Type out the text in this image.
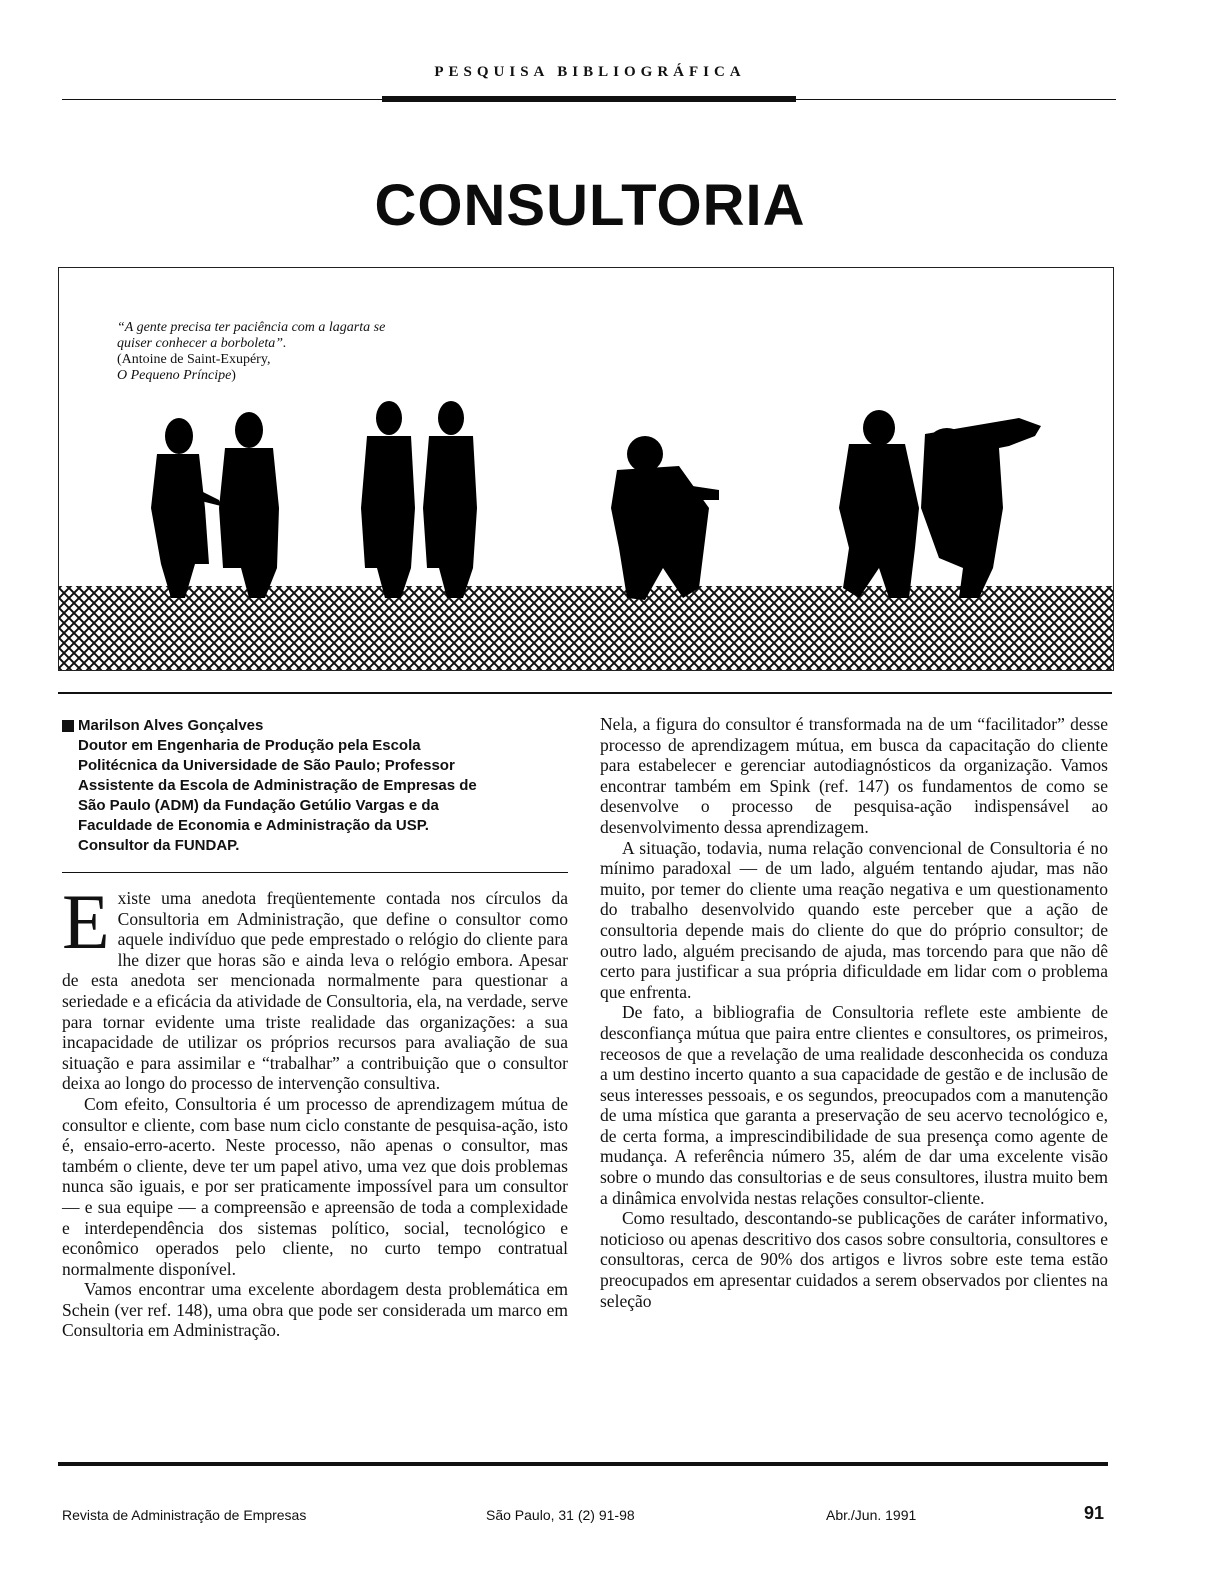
PESQUISA BIBLIOGRÁFICA
CONSULTORIA
“A gente precisa ter paciência com a lagarta se quiser conhecer a borboleta”.
(Antoine de Saint-Exupéry,
O Pequeno Príncipe)
Marilson Alves Gonçalves
Doutor em Engenharia de Produção pela Escola
Politécnica da Universidade de São Paulo; Professor
Assistente da Escola de Administração de Empresas de
São Paulo (ADM) da Fundação Getúlio Vargas e da
Faculdade de Economia e Administração da USP.
Consultor da FUNDAP.

Existe uma anedota freqüentemente contada nos círculos da Consultoria em Administração, que define o consultor como aquele indivíduo que pede emprestado o relógio do cliente para lhe dizer que horas são e ainda leva o relógio embora. Apesar de esta anedota ser mencionada normalmente para questionar a seriedade e a eficácia da atividade de Consultoria, ela, na verdade, serve para tornar evidente uma triste realidade das organizações: a sua incapacidade de utilizar os próprios recursos para avaliação de sua situação e para assimilar e “trabalhar” a contribuição que o consultor deixa ao longo do processo de intervenção consultiva.

Com efeito, Consultoria é um processo de aprendizagem mútua de consultor e cliente, com base num ciclo constante de pesquisa-ação, isto é, ensaio-erro-acerto. Neste processo, não apenas o consultor, mas também o cliente, deve ter um papel ativo, uma vez que dois problemas nunca são iguais, e por ser praticamente impossível para um consultor — e sua equipe — a compreensão e apreensão de toda a complexidade e interdependência dos sistemas político, social, tecnológico e econômico operados pelo cliente, no curto tempo contratual normalmente disponível.

Vamos encontrar uma excelente abordagem desta problemática em Schein (ver ref. 148), uma obra que pode ser considerada um marco em Consultoria em Administração.

Nela, a figura do consultor é transformada na de um “facilitador” desse processo de aprendizagem mútua, em busca da capacitação do cliente para estabelecer e gerenciar autodiagnósticos da organização. Vamos encontrar também em Spink (ref. 147) os fundamentos de como se desenvolve o processo de pesquisa-ação indispensável ao desenvolvimento dessa aprendizagem.

A situação, todavia, numa relação convencional de Consultoria é no mínimo paradoxal — de um lado, alguém tentando ajudar, mas não muito, por temer do cliente uma reação negativa e um questionamento do trabalho desenvolvido quando este perceber que a ação de consultoria depende mais do cliente do que do próprio consultor; de outro lado, alguém precisando de ajuda, mas torcendo para que não dê certo para justificar a sua própria dificuldade em lidar com o problema que enfrenta.

De fato, a bibliografia de Consultoria reflete este ambiente de desconfiança mútua que paira entre clientes e consultores, os primeiros, receosos de que a revelação de uma realidade desconhecida os conduza a um destino incerto quanto a sua capacidade de gestão e de inclusão de seus interesses pessoais, e os segundos, preocupados com a manutenção de uma mística que garanta a preservação de seu acervo tecnológico e, de certa forma, a imprescindibilidade de sua presença como agente de mudança. A referência número 35, além de dar uma excelente visão sobre o mundo das consultorias e de seus consultores, ilustra muito bem a dinâmica envolvida nestas relações consultor-cliente.

Como resultado, descontando-se publicações de caráter informativo, noticioso ou apenas descritivo dos casos sobre consultoria, consultores e consultoras, cerca de 90% dos artigos e livros sobre este tema estão preocupados em apresentar cuidados a serem observados por clientes na seleção

Revista de Administração de Empresas	São Paulo, 31 (2) 91-98	Abr./Jun. 1991	91
